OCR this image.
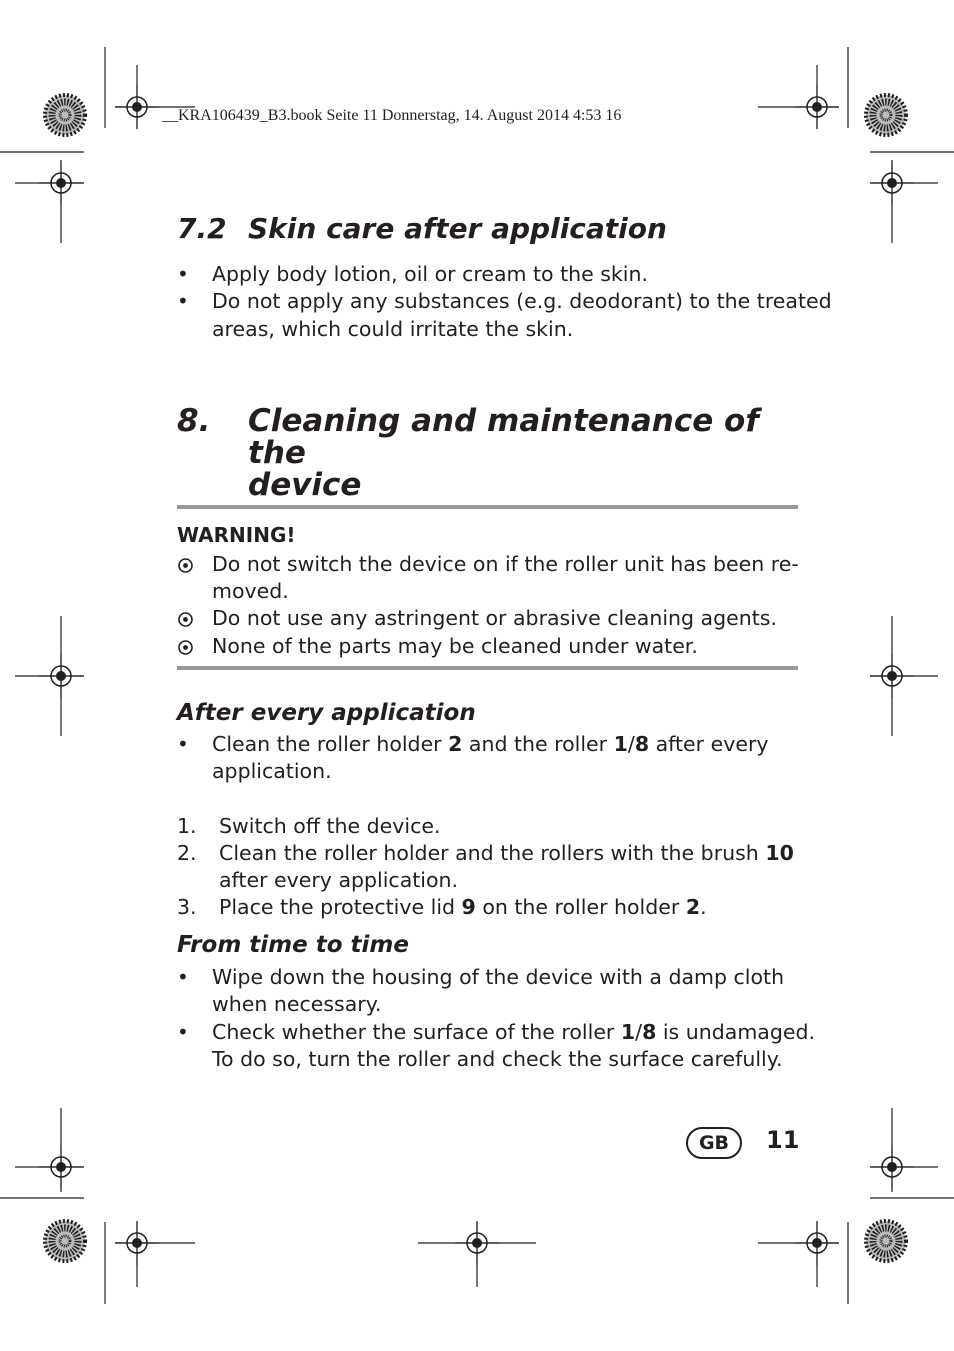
__KRA106439_B3.book Seite 11 Donnerstag, 14. August 2014 4:53 16
7.2 Skin care after application
• Apply body lotion, oil or cream to the skin.
• Do not apply any substances (e.g. deodorant) to the treated
areas, which could irritate the skin.
8. Cleaning and maintenance of the
device
WARNING!
Do not switch the device on if the roller unit has been re-
moved.
Do not use any astringent or abrasive cleaning agents.
None of the parts may be cleaned under water.
After every application
• Clean the roller holder 2 and the roller 1/8 after every
application.
1. Switch off the device.
2. Clean the roller holder and the rollers with the brush 10
after every application.
3. Place the protective lid 9 on the roller holder 2.
From time to time
• Wipe down the housing of the device with a damp cloth
when necessary.
• Check whether the surface of the roller 1/8 is undamaged.
To do so, turn the roller and check the surface carefully.
GB	11
